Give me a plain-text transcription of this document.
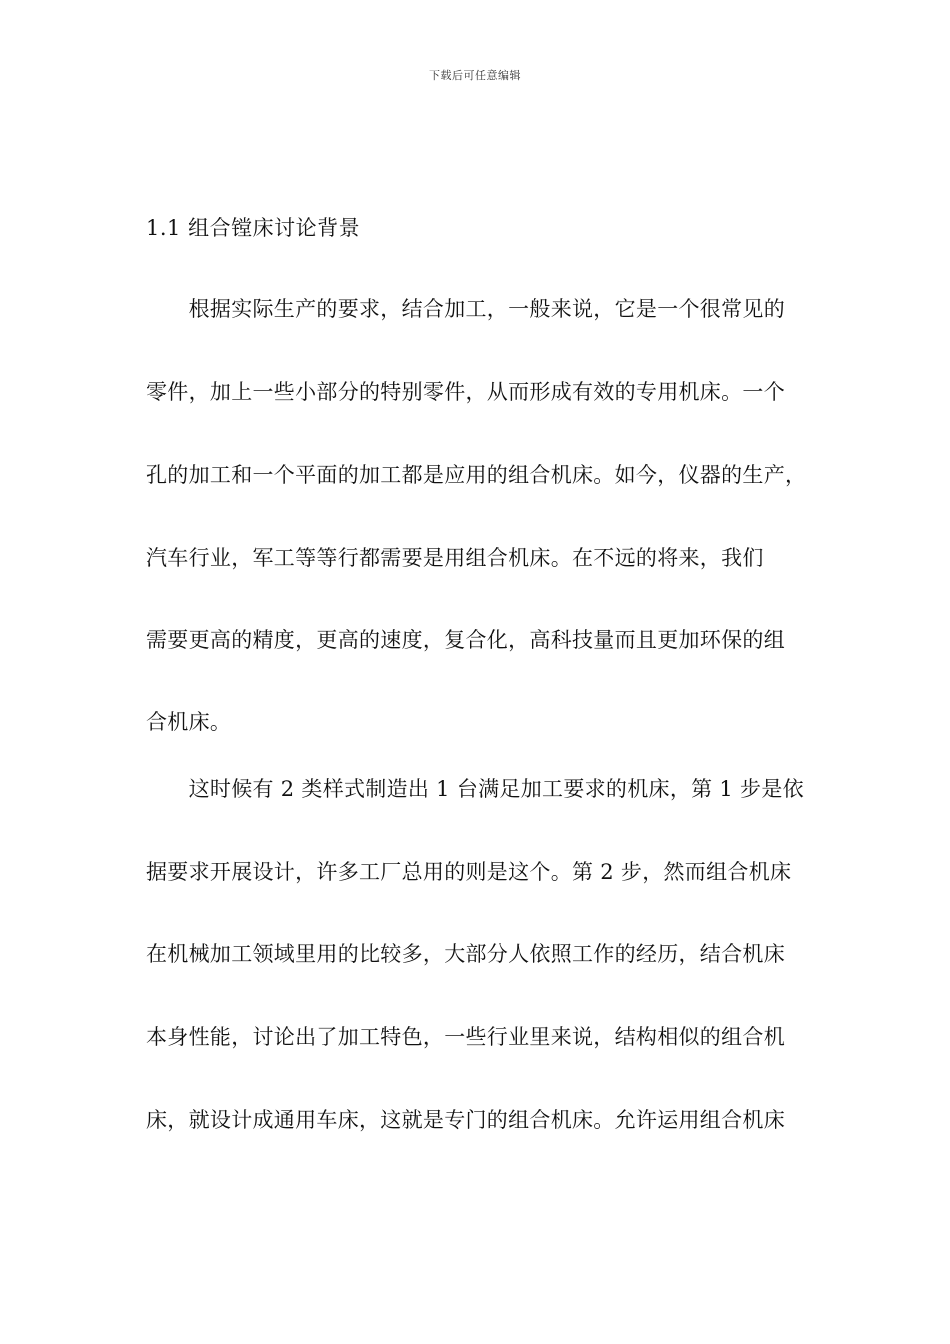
下载后可任意编辑
1.1 组合镗床讨论背景
　　根据实际生产的要求，结合加工，一般来说，它是一个很常见的
零件，加上一些小部分的特别零件，从而形成有效的专用机床。一个
孔的加工和一个平面的加工都是应用的组合机床。如今，仪器的生产，
汽车行业，军工等等行都需要是用组合机床。在不远的将来，我们
需要更高的精度，更高的速度，复合化，高科技量而且更加环保的组
合机床。
　　这时候有 2 类样式制造出 1 台满足加工要求的机床，第 1 步是依
据要求开展设计，许多工厂总用的则是这个。第 2 步，然而组合机床
在机械加工领域里用的比较多，大部分人依照工作的经历，结合机床
本身性能，讨论出了加工特色，一些行业里来说，结构相似的组合机
床，就设计成通用车床，这就是专门的组合机床。允许运用组合机床
